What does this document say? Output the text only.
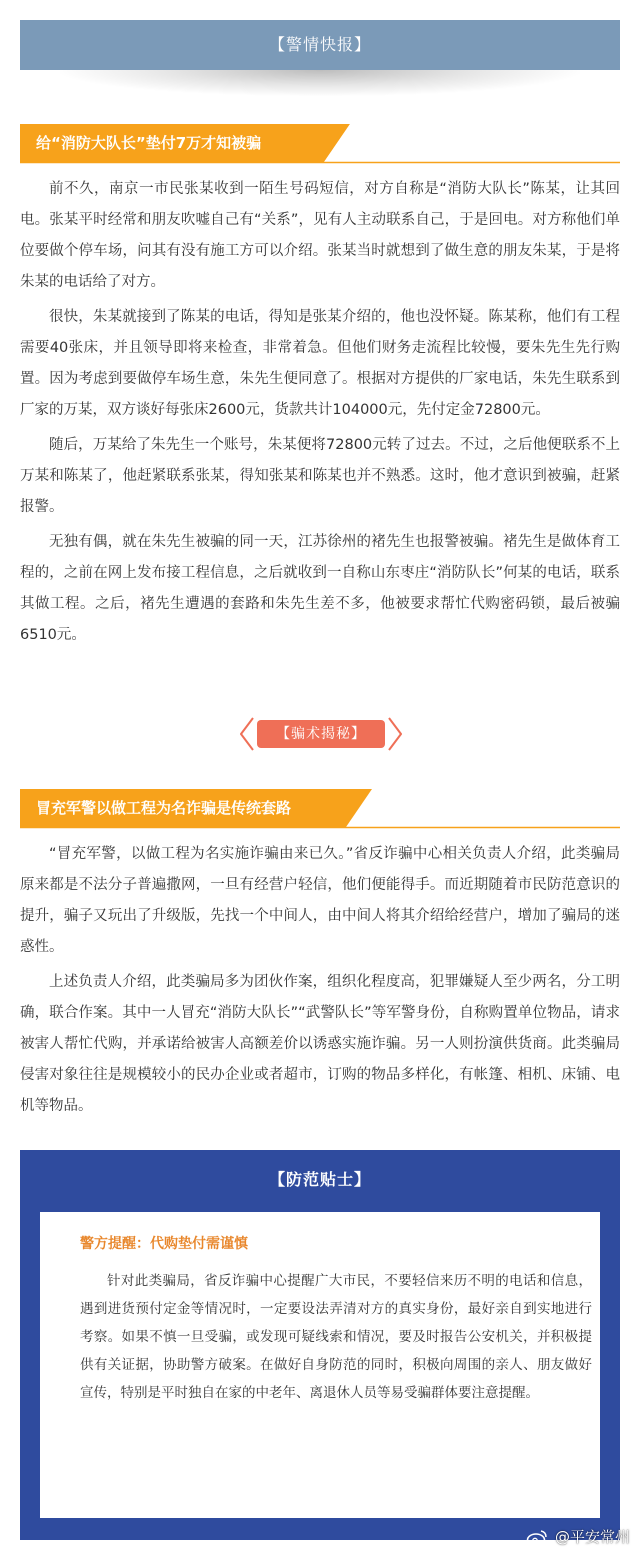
【警情快报】
给“消防大队长”垫付7万才知被骗

前不久，南京一市民张某收到一陌生号码短信，对方自称是“消防大队长”陈某，让其回电。张某平时经常和朋友吹嘘自己有“关系”，见有人主动联系自己，于是回电。对方称他们单位要做个停车场，问其有没有施工方可以介绍。张某当时就想到了做生意的朋友朱某，于是将朱某的电话给了对方。

很快，朱某就接到了陈某的电话，得知是张某介绍的，他也没怀疑。陈某称，他们有工程需要40张床，并且领导即将来检查，非常着急。但他们财务走流程比较慢，要朱先生先行购置。因为考虑到要做停车场生意，朱先生便同意了。根据对方提供的厂家电话，朱先生联系到厂家的万某，双方谈好每张床2600元，货款共计104000元，先付定金72800元。

随后，万某给了朱先生一个账号，朱某便将72800元转了过去。不过，之后他便联系不上万某和陈某了，他赶紧联系张某，得知张某和陈某也并不熟悉。这时，他才意识到被骗，赶紧报警。

无独有偶，就在朱先生被骗的同一天，江苏徐州的褚先生也报警被骗。褚先生是做体育工程的，之前在网上发布接工程信息，之后就收到一自称山东枣庄“消防队长”何某的电话，联系其做工程。之后，褚先生遭遇的套路和朱先生差不多，他被要求帮忙代购密码锁，最后被骗6510元。

【骗术揭秘】
冒充军警以做工程为名诈骗是传统套路

“冒充军警，以做工程为名实施诈骗由来已久。”省反诈骗中心相关负责人介绍，此类骗局原来都是不法分子普遍撒网，一旦有经营户轻信，他们便能得手。而近期随着市民防范意识的提升，骗子又玩出了升级版，先找一个中间人，由中间人将其介绍给经营户，增加了骗局的迷惑性。

上述负责人介绍，此类骗局多为团伙作案，组织化程度高，犯罪嫌疑人至少两名，分工明确，联合作案。其中一人冒充“消防大队长”“武警队长”等军警身份，自称购置单位物品，请求被害人帮忙代购，并承诺给被害人高额差价以诱惑实施诈骗。另一人则扮演供货商。此类骗局侵害对象往往是规模较小的民办企业或者超市，订购的物品多样化，有帐篷、相机、床铺、电机等物品。

【防范贴士】
警方提醒：代购垫付需谨慎

针对此类骗局，省反诈骗中心提醒广大市民，不要轻信来历不明的电话和信息，遇到进货预付定金等情况时，一定要设法弄清对方的真实身份，最好亲自到实地进行考察。如果不慎一旦受骗，或发现可疑线索和情况，要及时报告公安机关，并积极提供有关证据，协助警方破案。在做好自身防范的同时，积极向周围的亲人、朋友做好宣传，特别是平时独自在家的中老年、离退休人员等易受骗群体要注意提醒。

@平安常州
